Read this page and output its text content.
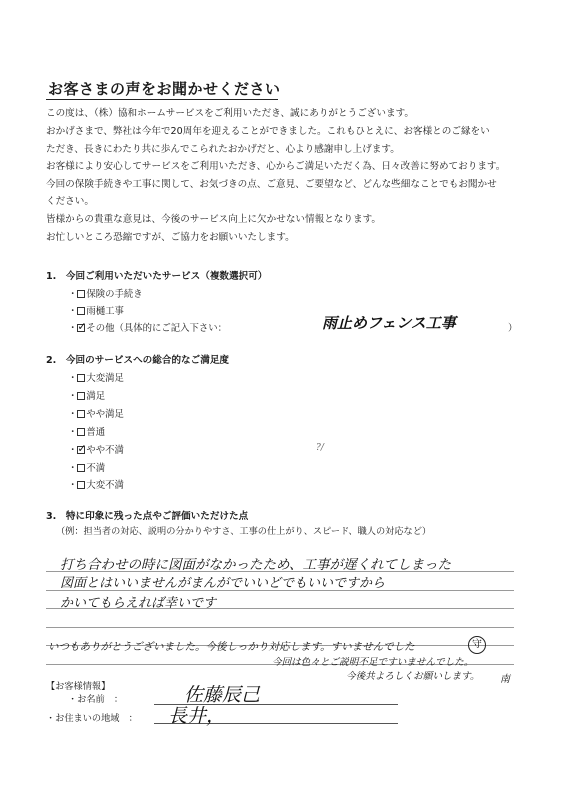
お客さまの声をお聞かせください
この度は、（株）協和ホームサービスをご利用いただき、誠にありがとうございます。
おかげさまで、弊社は今年で20周年を迎えることができました。これもひとえに、お客様とのご縁をい
ただき、長きにわたり共に歩んでこられたおかげだと、心より感謝申し上げます。
お客様により安心してサービスをご利用いただき、心からご満足いただく為、日々改善に努めております。
今回の保険手続きや工事に関して、お気づきの点、ご意見、ご要望など、どんな些細なことでもお聞かせ
ください。
皆様からの貴重な意見は、今後のサービス向上に欠かせない情報となります。
お忙しいところ恐縮ですが、ご協力をお願いいたします。
1.　今回ご利用いただいたサービス（複数選択可）
・ 保険の手続き
・ 雨樋工事
・ ✓ その他（具体的にご記入下さい：	雨止めフェンス工事	）
2.　今回のサービスへの総合的なご満足度
・ 大変満足
・ 満足
・ やや満足
・ 普通
・ ✓ やや不満
・ 不満
・ 大変不満
?/
3.　特に印象に残った点やご評価いただけた点
（例：担当者の対応、説明の分かりやすさ、工事の仕上がり、スピード、職人の対応など）
打ち合わせの時に図面がなかったため、工事が遅くれてしまった
図面とはいいませんがまんがでいいどでもいいですから
かいてもらえれば幸いです
いつもありがとうございました。今後しっかり対応します。すいませんでした	守
今回は色々とご説明不足ですいませんでした。
今後共よろしくお願いします。 南
【お客様情報】
・お名前　：	佐藤辰己
・お住まいの地域　： 長井，
